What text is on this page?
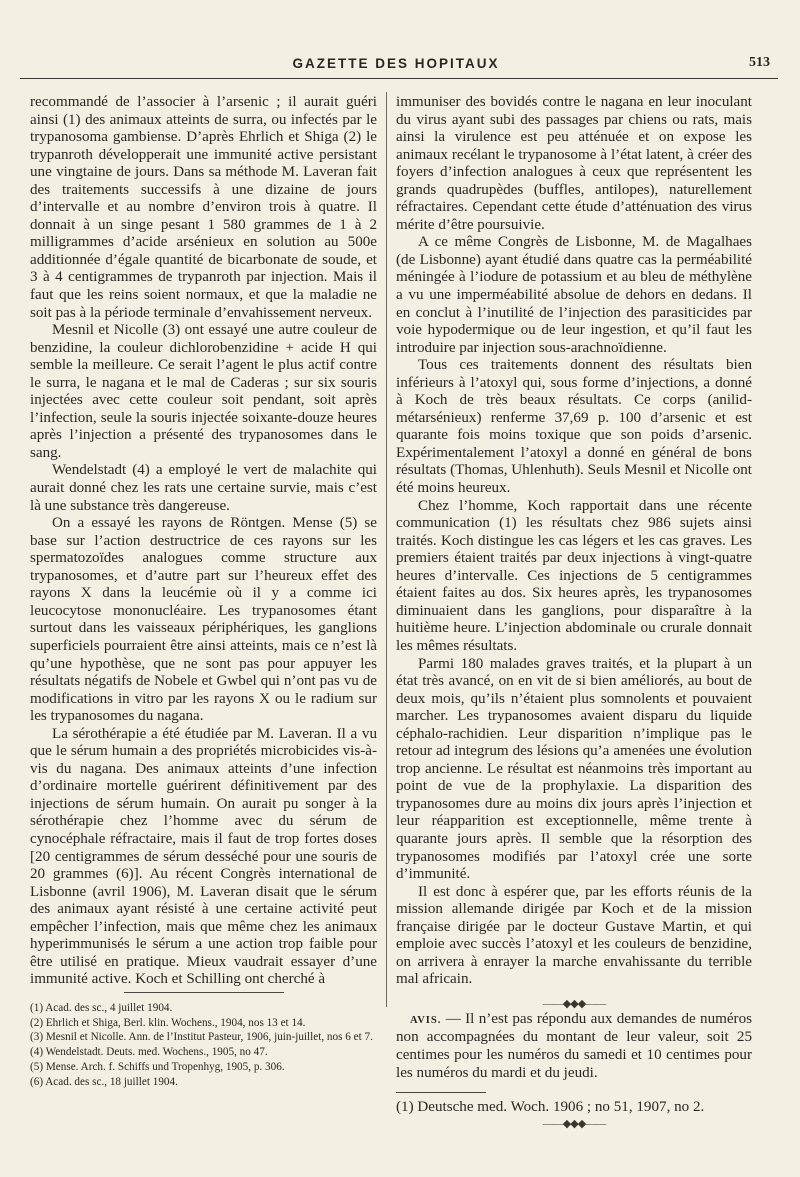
GAZETTE DES HOPITAUX	513

recommandé de l’associer à l’arsenic ; il aurait guéri ainsi (1) des animaux atteints de surra, ou infectés par le trypanosoma gambiense. D’après Ehrlich et Shiga (2) le trypanroth développerait une immunité active persistant une vingtaine de jours. Dans sa méthode M. Laveran fait des traitements successifs à une dizaine de jours d’intervalle et au nombre d’environ trois à quatre. Il donnait à un singe pesant 1 580 grammes de 1 à 2 milligrammes d’acide arsénieux en solution au 500e additionnée d’égale quantité de bicarbonate de soude, et 3 à 4 centigrammes de trypanroth par injection. Mais il faut que les reins soient normaux, et que la maladie ne soit pas à la période terminale d’envahissement nerveux.

Mesnil et Nicolle (3) ont essayé une autre couleur de benzidine, la couleur dichlorobenzidine + acide H qui semble la meilleure. Ce serait l’agent le plus actif contre le surra, le nagana et le mal de Caderas ; sur six souris injectées avec cette couleur soit pendant, soit après l’infection, seule la souris injectée soixante-douze heures après l’injection a présenté des trypanosomes dans le sang.

Wendelstadt (4) a employé le vert de malachite qui aurait donné chez les rats une certaine survie, mais c’est là une substance très dangereuse.

On a essayé les rayons de Röntgen. Mense (5) se base sur l’action destructrice de ces rayons sur les spermatozoïdes analogues comme structure aux trypanosomes, et d’autre part sur l’heureux effet des rayons X dans la leucémie où il y a comme ici leucocytose mononucléaire. Les trypanosomes étant surtout dans les vaisseaux périphériques, les ganglions superficiels pourraient être ainsi atteints, mais ce n’est là qu’une hypothèse, que ne sont pas pour appuyer les résultats négatifs de Nobele et Gwbel qui n’ont pas vu de modifications in vitro par les rayons X ou le radium sur les trypanosomes du nagana.

La sérothérapie a été étudiée par M. Laveran. Il a vu que le sérum humain a des propriétés microbicides vis-à-vis du nagana. Des animaux atteints d’une infection d’ordinaire mortelle guérirent définitivement par des injections de sérum humain. On aurait pu songer à la sérothérapie chez l’homme avec du sérum de cynocéphale réfractaire, mais il faut de trop fortes doses [20 centigrammes de sérum desséché pour une souris de 20 grammes (6)]. Au récent Congrès international de Lisbonne (avril 1906), M. Laveran disait que le sérum des animaux ayant résisté à une certaine activité peut empêcher l’infection, mais que même chez les animaux hyperimmunisés le sérum a une action trop faible pour être utilisé en pratique. Mieux vaudrait essayer d’une immunité active. Koch et Schilling ont cherché à

(1) Acad. des sc., 4 juillet 1904.

(2) Ehrlich et Shiga, Berl. klin. Wochens., 1904, nos 13 et 14.

(3) Mesnil et Nicolle. Ann. de l’Institut Pasteur, 1906, juin-juillet, nos 6 et 7.

(4) Wendelstadt. Deuts. med. Wochens., 1905, no 47.

(5) Mense. Arch. f. Schiffs und Tropenhyg, 1905, p. 306.

(6) Acad. des sc., 18 juillet 1904.

immuniser des bovidés contre le nagana en leur inoculant du virus ayant subi des passages par chiens ou rats, mais ainsi la virulence est peu atténuée et on expose les animaux recélant le trypanosome à l’état latent, à créer des foyers d’infection analogues à ceux que représentent les grands quadrupèdes (buffles, antilopes), naturellement réfractaires. Cependant cette étude d’atténuation des virus mérite d’être poursuivie.

A ce même Congrès de Lisbonne, M. de Magalhaes (de Lisbonne) ayant étudié dans quatre cas la perméabilité méningée à l’iodure de potassium et au bleu de méthylène a vu une imperméabilité absolue de dehors en dedans. Il en conclut à l’inutilité de l’injection des parasiticides par voie hypodermique ou de leur ingestion, et qu’il faut les introduire par injection sous-arachnoïdienne.

Tous ces traitements donnent des résultats bien inférieurs à l’atoxyl qui, sous forme d’injections, a donné à Koch de très beaux résultats. Ce corps (anilid-métarsénieux) renferme 37,69 p. 100 d’arsenic et est quarante fois moins toxique que son poids d’arsenic. Expérimentalement l’atoxyl a donné en général de bons résultats (Thomas, Uhlenhuth). Seuls Mesnil et Nicolle ont été moins heureux.

Chez l’homme, Koch rapportait dans une récente communication (1) les résultats chez 986 sujets ainsi traités. Koch distingue les cas légers et les cas graves. Les premiers étaient traités par deux injections à vingt-quatre heures d’intervalle. Ces injections de 5 centigrammes étaient faites au dos. Six heures après, les trypanosomes diminuaient dans les ganglions, pour disparaître à la huitième heure. L’injection abdominale ou crurale donnait les mêmes résultats.

Parmi 180 malades graves traités, et la plupart à un état très avancé, on en vit de si bien améliorés, au bout de deux mois, qu’ils n’étaient plus somnolents et pouvaient marcher. Les trypanosomes avaient disparu du liquide céphalo-rachidien. Leur disparition n’implique pas le retour ad integrum des lésions qu’a amenées une évolution trop ancienne. Le résultat est néanmoins très important au point de vue de la prophylaxie. La disparition des trypanosomes dure au moins dix jours après l’injection et leur réapparition est exceptionnelle, même trente à quarante jours après. Il semble que la résorption des trypanosomes modifiés par l’atoxyl crée une sorte d’immunité.

Il est donc à espérer que, par les efforts réunis de la mission allemande dirigée par Koch et de la mission française dirigée par le docteur Gustave Martin, et qui emploie avec succès l’atoxyl et les couleurs de benzidine, on arrivera à enrayer la marche envahissante du terrible mal africain.

——◆◆◆——

AVIS. — Il n’est pas répondu aux demandes de numéros non accompagnées du montant de leur valeur, soit 25 centimes pour les numéros du samedi et 10 centimes pour les numéros du mardi et du jeudi.

(1) Deutsche med. Woch. 1906 ; no 51, 1907, no 2.

——◆◆◆——
